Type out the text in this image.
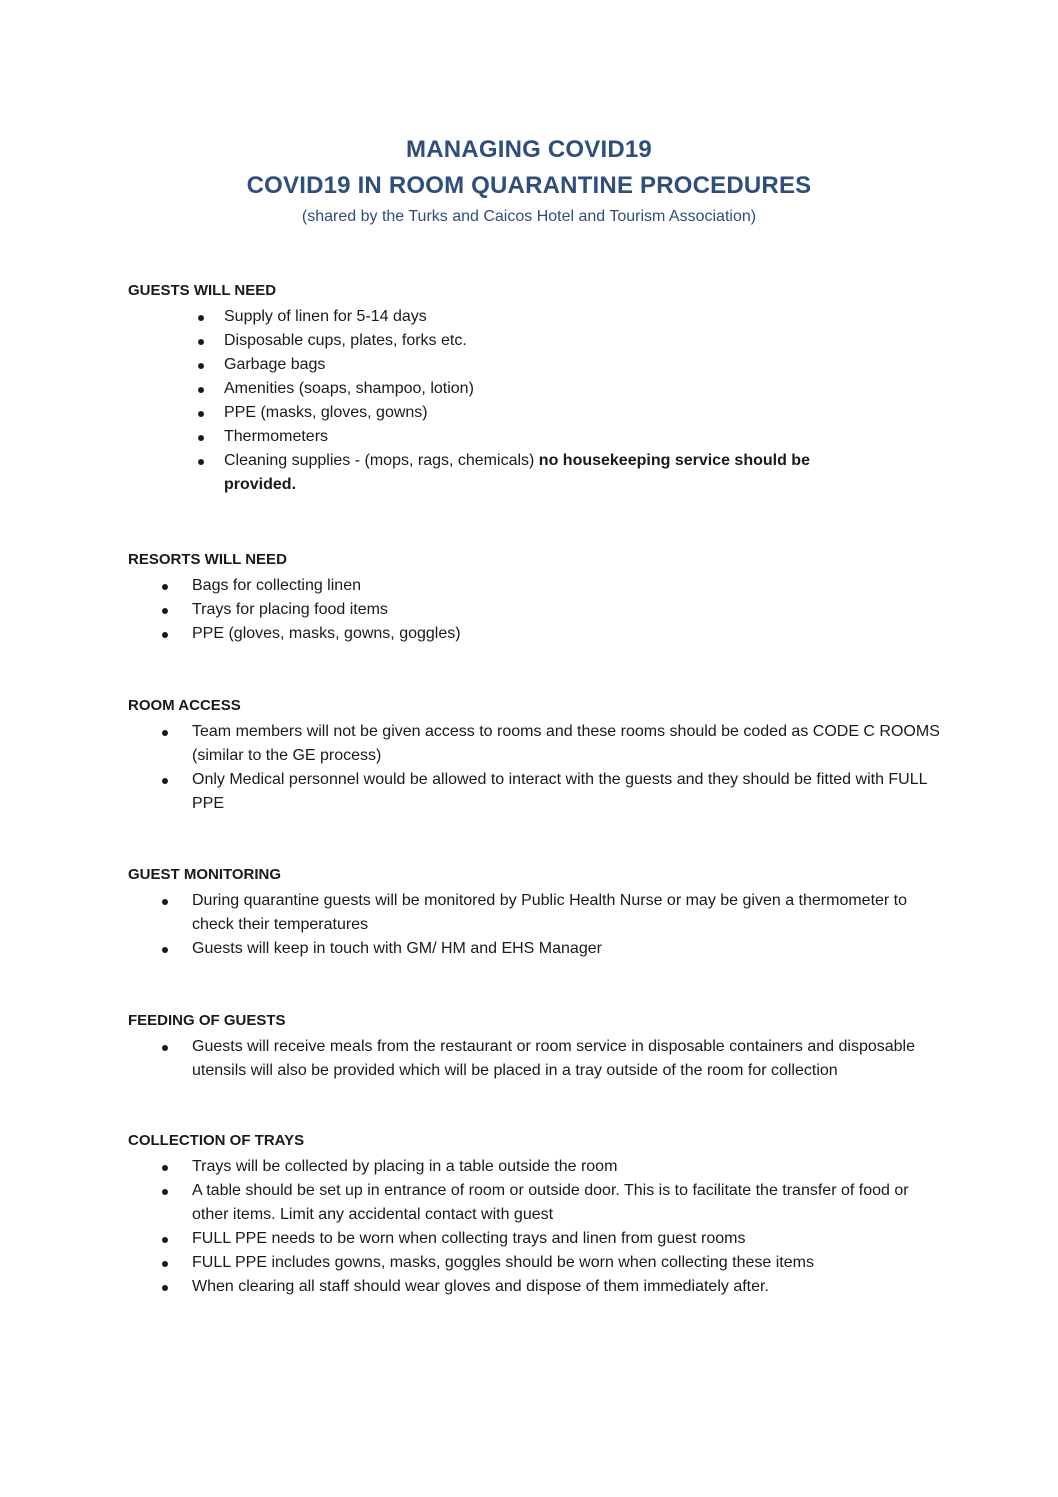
MANAGING COVID19
COVID19 IN ROOM QUARANTINE PROCEDURES
(shared by the Turks and Caicos Hotel and Tourism Association)
GUESTS WILL NEED
Supply of linen for 5-14 days
Disposable cups, plates, forks etc.
Garbage bags
Amenities (soaps, shampoo, lotion)
PPE (masks, gloves, gowns)
Thermometers
Cleaning supplies - (mops, rags, chemicals) no housekeeping service should be provided.
RESORTS WILL NEED
Bags for collecting linen
Trays for placing food items
PPE (gloves, masks, gowns, goggles)
ROOM ACCESS
Team members will not be given access to rooms and these rooms should be coded as CODE C ROOMS (similar to the GE process)
Only Medical personnel would be allowed to interact with the guests and they should be fitted with FULL PPE
GUEST MONITORING
During quarantine guests will be monitored by Public Health Nurse or may be given a thermometer to check their temperatures
Guests will keep in touch with GM/ HM and EHS Manager
FEEDING OF GUESTS
Guests will receive meals from the restaurant or room service in disposable containers and disposable utensils will also be provided which will be placed in a tray outside of the room for collection
COLLECTION OF TRAYS
Trays will be collected by placing in a table outside the room
A table should be set up in entrance of room or outside door. This is to facilitate the transfer of food or other items. Limit any accidental contact with guest
FULL PPE needs to be worn when collecting trays and linen from guest rooms
FULL PPE includes gowns, masks, goggles should be worn when collecting these items
When clearing all staff should wear gloves and dispose of them immediately after.
